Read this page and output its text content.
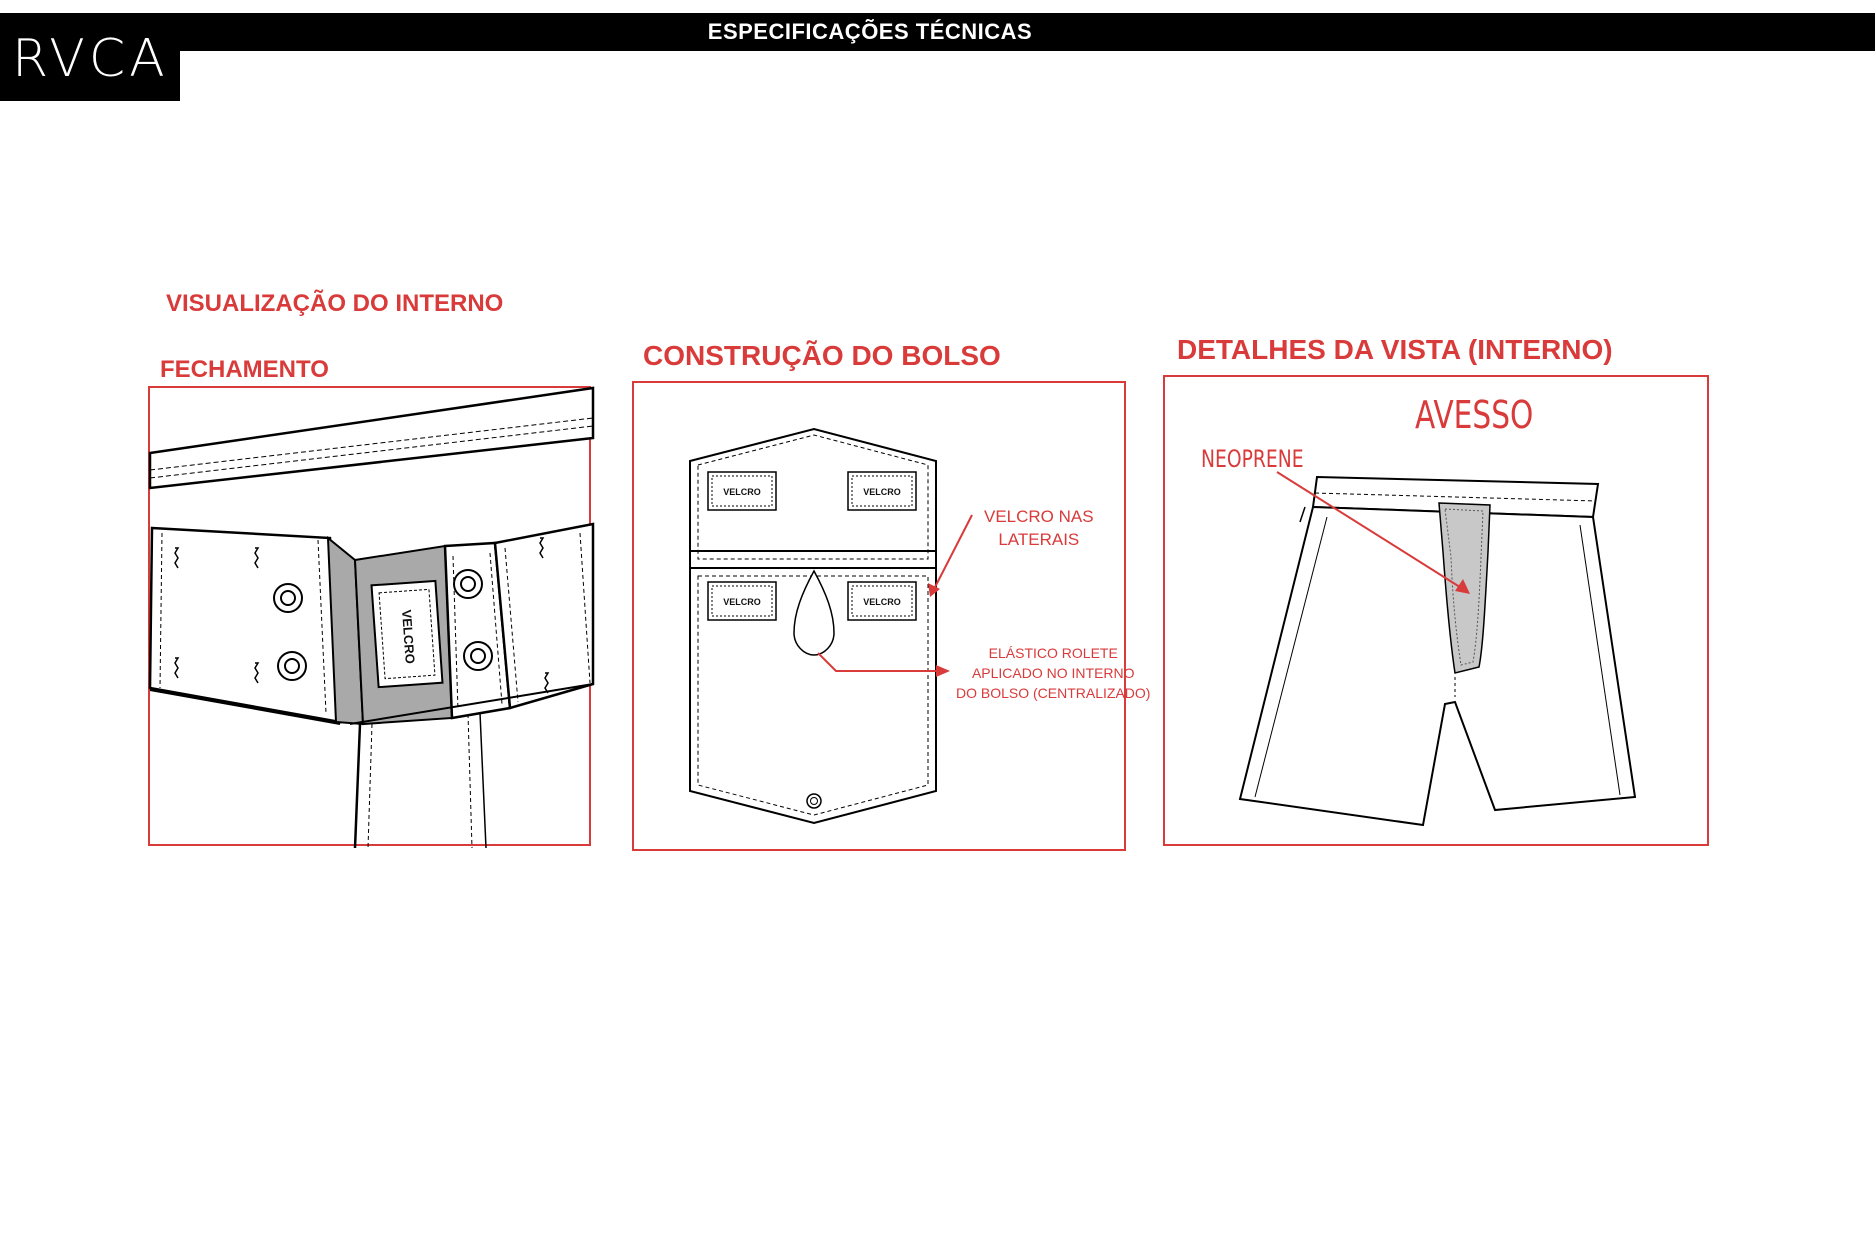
ESPECIFICAÇÕES TÉCNICAS
RVCA
VISUALIZAÇÃO DO INTERNO
FECHAMENTO	CONSTRUÇÃO DO BOLSO	DETALHES DA VISTA (INTERNO)
VELCRO
VELCRO	VELCRO
VELCRO	VELCRO
VELCRO NAS
LATERAIS
ELÁSTICO ROLETE
APLICADO NO INTERNO
DO BOLSO (CENTRALIZADO)
AVESSO
NEOPRENE
